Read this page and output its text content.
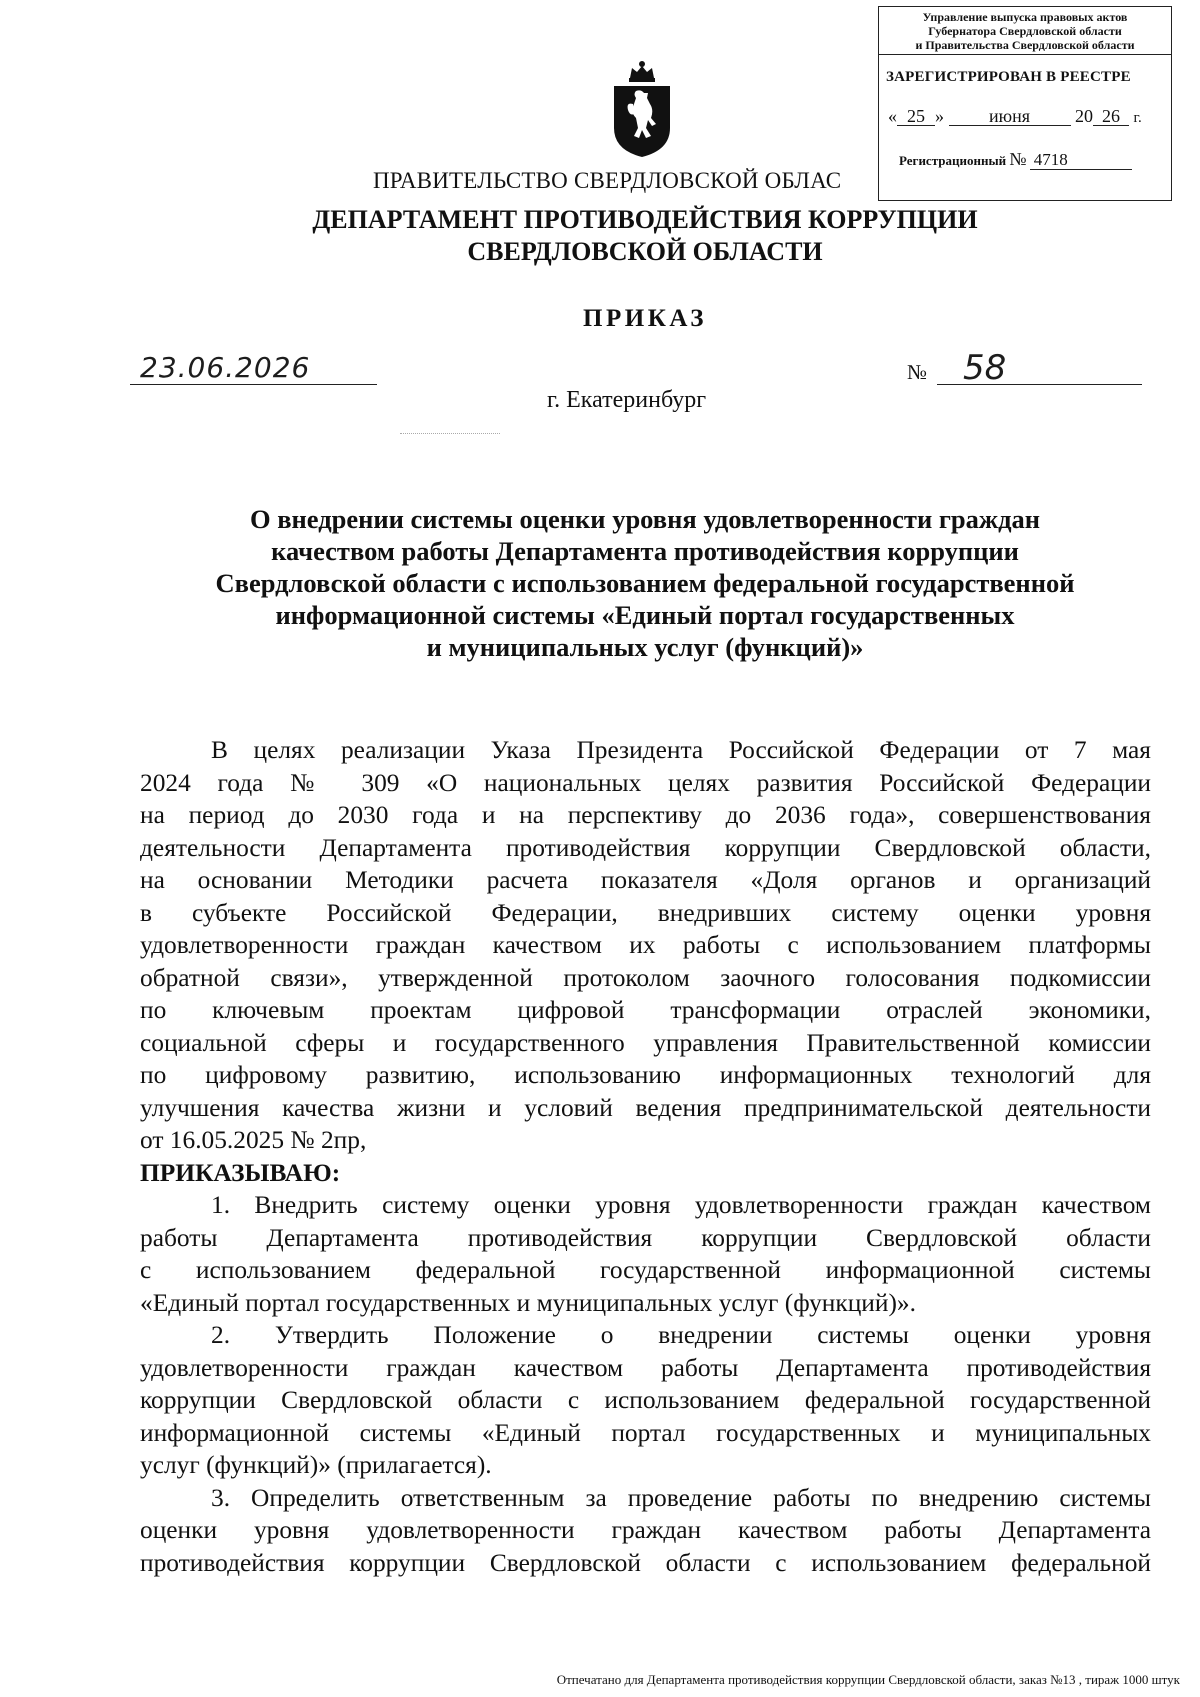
Управление выпуска правовых актов
Губернатора Свердловской области
и Правительства Свердловской области
ЗАРЕГИСТРИРОВАН В РЕЕСТРЕ
« 25 »	июня	20 26 г.
Регистрационный № 4718
ПРАВИТЕЛЬСТВО СВЕРДЛОВСКОЙ ОБЛАС
ДЕПАРТАМЕНТ ПРОТИВОДЕЙСТВИЯ КОРРУПЦИИ
СВЕРДЛОВСКОЙ ОБЛАСТИ
ПРИКАЗ
23.06.2026	№ 58
г. Екатеринбург
О внедрении системы оценки уровня удовлетворенности граждан
качеством работы Департамента противодействия коррупции
Свердловской области с использованием федеральной государственной
информационной системы «Единый портал государственных
и муниципальных услуг (функций)»
В целях реализации Указа Президента Российской Федерации от 7 мая
2024 года № 309 «О национальных целях развития Российской Федерации
на период до 2030 года и на перспективу до 2036 года», совершенствования
деятельности Департамента противодействия коррупции Свердловской области,
на основании Методики расчета показателя «Доля органов и организаций
в субъекте Российской Федерации, внедривших систему оценки уровня
удовлетворенности граждан качеством их работы с использованием платформы
обратной связи», утвержденной протоколом заочного голосования подкомиссии
по ключевым проектам цифровой трансформации отраслей экономики,
социальной сферы и государственного управления Правительственной комиссии
по цифровому развитию, использованию информационных технологий для
улучшения качества жизни и условий ведения предпринимательской деятельности
от 16.05.2025 № 2пр,
ПРИКАЗЫВАЮ:
1. Внедрить систему оценки уровня удовлетворенности граждан качеством
работы Департамента противодействия коррупции Свердловской области
с использованием федеральной государственной информационной системы
«Единый портал государственных и муниципальных услуг (функций)».
2. Утвердить Положение о внедрении системы оценки уровня
удовлетворенности граждан качеством работы Департамента противодействия
коррупции Свердловской области с использованием федеральной государственной
информационной системы «Единый портал государственных и муниципальных
услуг (функций)» (прилагается).
3. Определить ответственным за проведение работы по внедрению системы
оценки уровня удовлетворенности граждан качеством работы Департамента
противодействия коррупции Свердловской области с использованием федеральной
Отпечатано для Департамента противодействия коррупции Свердловской области, заказ №13 , тираж 1000 штук
